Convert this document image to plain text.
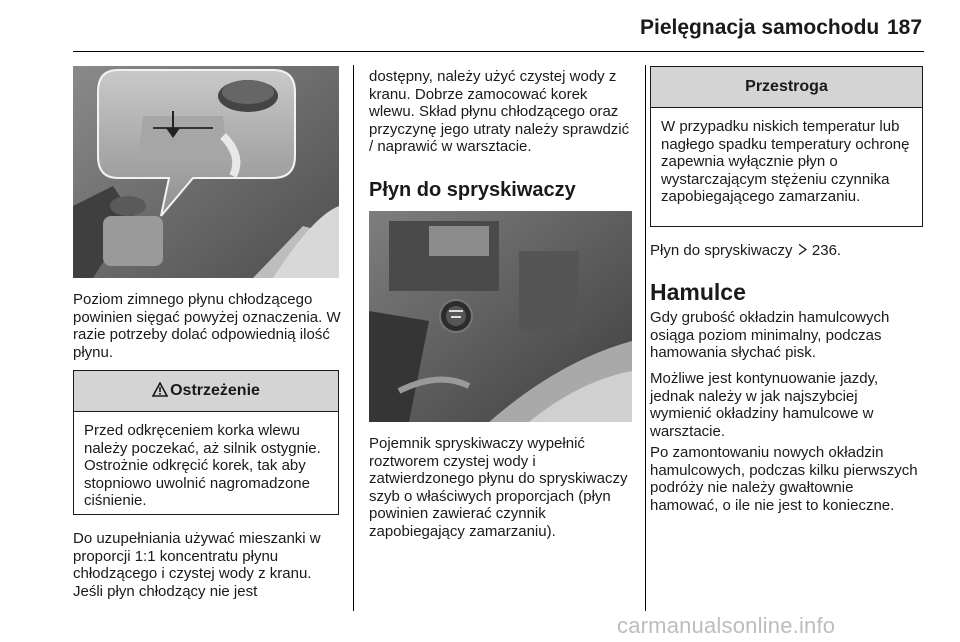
Pielęgnacja samochodu 187

Poziom zimnego płynu chłodzącego powinien sięgać powyżej oznaczenia. W razie potrzeby dolać odpowiednią ilość płynu.

Ostrzeżenie
Przed odkręceniem korka wlewu należy poczekać, aż silnik ostygnie. Ostrożnie odkręcić korek, tak aby stopniowo uwolnić nagromadzone ciśnienie.

Do uzupełniania używać mieszanki w proporcji 1:1 koncentratu płynu chłodzącego i czystej wody z kranu. Jeśli płyn chłodzący nie jest

dostępny, należy użyć czystej wody z kranu. Dobrze zamocować korek wlewu. Skład płynu chłodzącego oraz przyczynę jego utraty należy sprawdzić / naprawić w warsztacie.

Płyn do spryskiwaczy

Pojemnik spryskiwaczy wypełnić roztworem czystej wody i zatwierdzonego płynu do spryskiwaczy szyb o właściwych proporcjach (płyn powinien zawierać czynnik zapobiegający zamarzaniu).

Przestroga
W przypadku niskich temperatur lub nagłego spadku temperatury ochronę zapewnia wyłącznie płyn o wystarczającym stężeniu czynnika zapobiegającego zamarzaniu.

Płyn do spryskiwaczy 236.

Hamulce

Gdy grubość okładzin hamulcowych osiąga poziom minimalny, podczas hamowania słychać pisk.

Możliwe jest kontynuowanie jazdy, jednak należy w jak najszybciej wymienić okładziny hamulcowe w warsztacie.

Po zamontowaniu nowych okładzin hamulcowych, podczas kilku pierwszych podróży nie należy gwałtownie hamować, o ile nie jest to konieczne.

carmanualsonline.info
